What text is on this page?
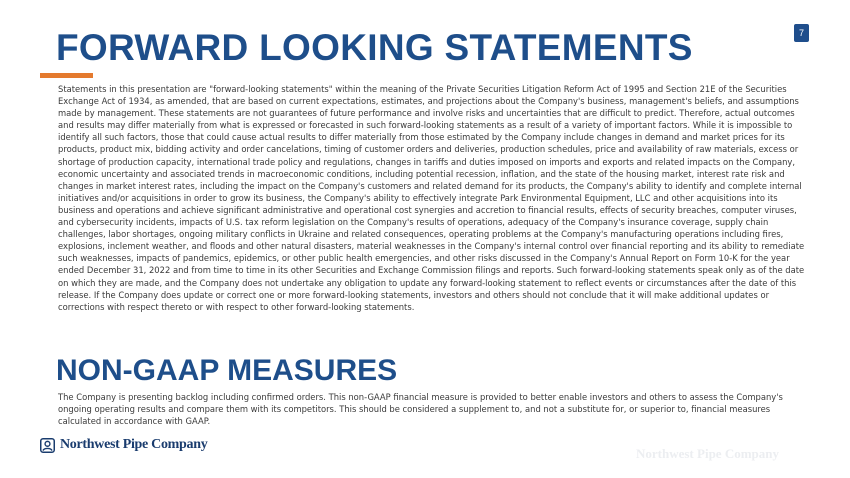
7
FORWARD LOOKING STATEMENTS

Statements in this presentation are "forward-looking statements" within the meaning of the Private Securities Litigation Reform Act of 1995 and Section 21E of the Securities Exchange Act of 1934, as amended, that are based on current expectations, estimates, and projections about the Company's business, management's beliefs, and assumptions made by management. These statements are not guarantees of future performance and involve risks and uncertainties that are difficult to predict. Therefore, actual outcomes and results may differ materially from what is expressed or forecasted in such forward-looking statements as a result of a variety of important factors. While it is impossible to identify all such factors, those that could cause actual results to differ materially from those estimated by the Company include changes in demand and market prices for its products, product mix, bidding activity and order cancelations, timing of customer orders and deliveries, production schedules, price and availability of raw materials, excess or shortage of production capacity, international trade policy and regulations, changes in tariffs and duties imposed on imports and exports and related impacts on the Company, economic uncertainty and associated trends in macroeconomic conditions, including potential recession, inflation, and the state of the housing market, interest rate risk and changes in market interest rates, including the impact on the Company's customers and related demand for its products, the Company's ability to identify and complete internal initiatives and/or acquisitions in order to grow its business, the Company's ability to effectively integrate Park Environmental Equipment, LLC and other acquisitions into its business and operations and achieve significant administrative and operational cost synergies and accretion to financial results, effects of security breaches, computer viruses, and cybersecurity incidents, impacts of U.S. tax reform legislation on the Company's results of operations, adequacy of the Company's insurance coverage, supply chain challenges, labor shortages, ongoing military conflicts in Ukraine and related consequences, operating problems at the Company's manufacturing operations including fires, explosions, inclement weather, and floods and other natural disasters, material weaknesses in the Company's internal control over financial reporting and its ability to remediate such weaknesses, impacts of pandemics, epidemics, or other public health emergencies, and other risks discussed in the Company's Annual Report on Form 10-K for the year ended December 31, 2022 and from time to time in its other Securities and Exchange Commission filings and reports. Such forward-looking statements speak only as of the date on which they are made, and the Company does not undertake any obligation to update any forward-looking statement to reflect events or circumstances after the date of this release. If the Company does update or correct one or more forward-looking statements, investors and others should not conclude that it will make additional updates or corrections with respect thereto or with respect to other forward-looking statements.

NON-GAAP MEASURES

The Company is presenting backlog including confirmed orders. This non-GAAP financial measure is provided to better enable investors and others to assess the Company's ongoing operating results and compare them with its competitors. This should be considered a supplement to, and not a substitute for, or superior to, financial measures calculated in accordance with GAAP.

Northwest Pipe Company
Northwest Pipe Company
